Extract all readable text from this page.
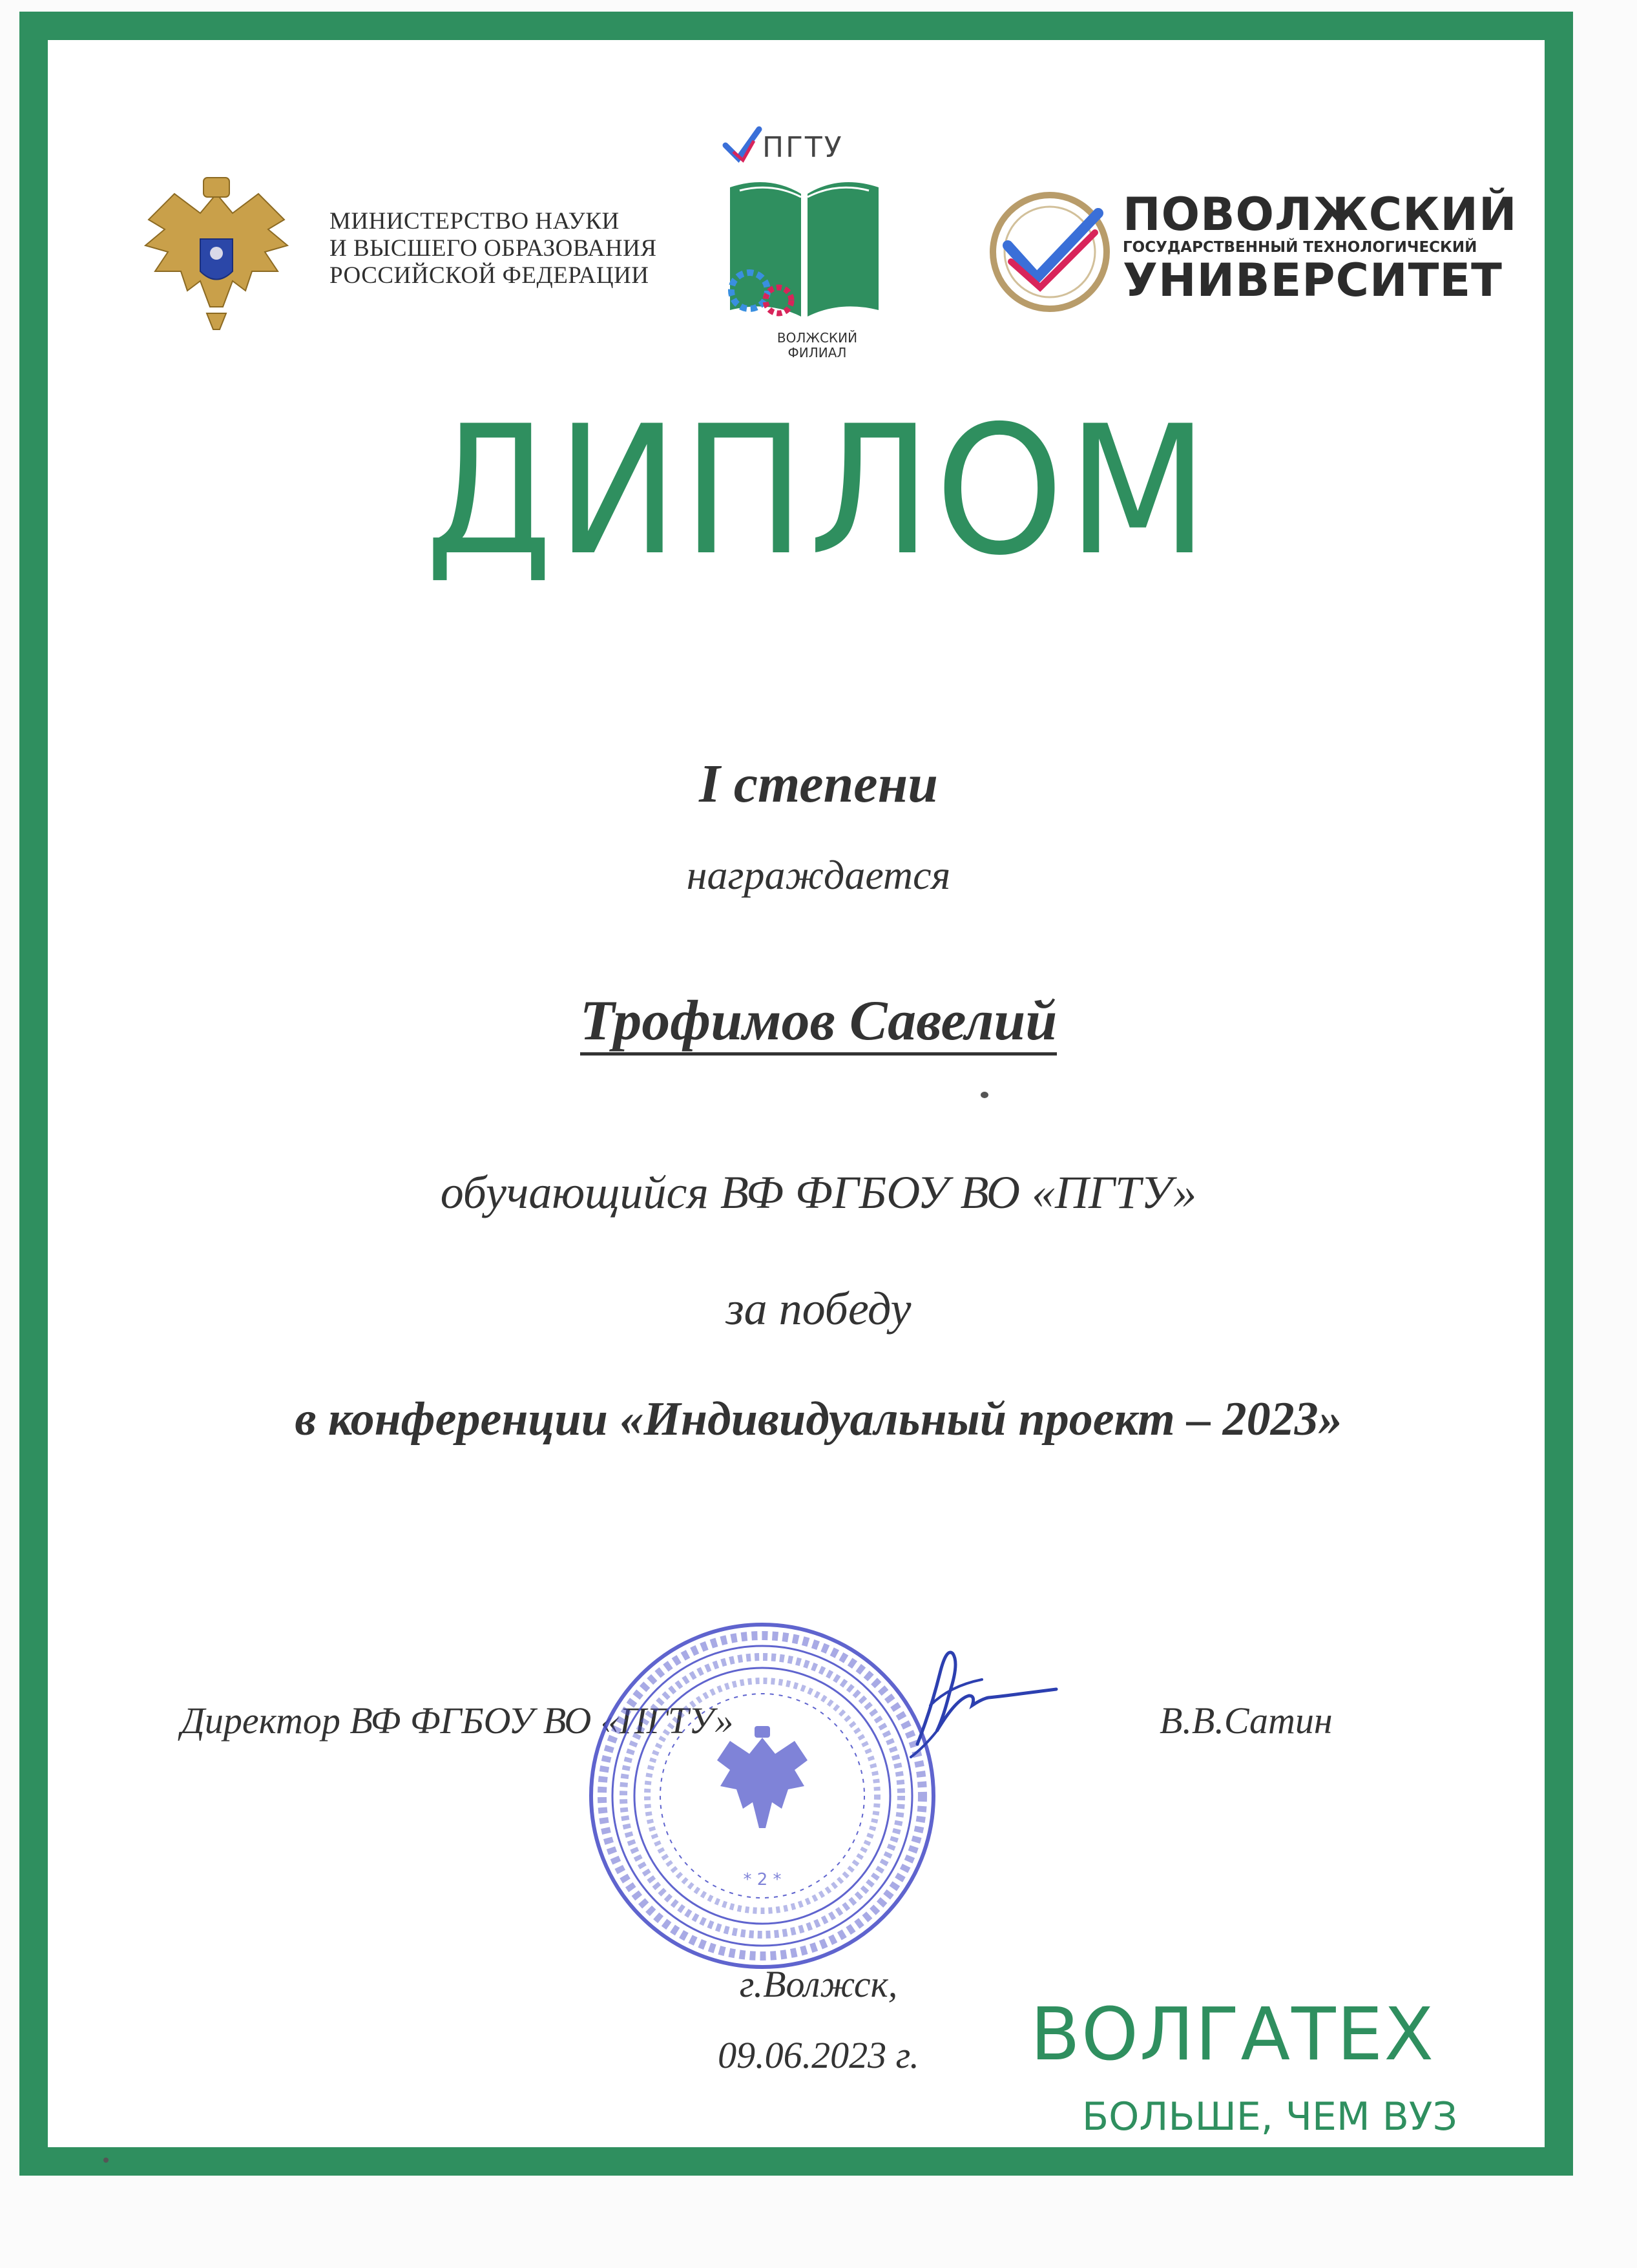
МИНИСТЕРСТВО НАУКИ
И ВЫСШЕГО ОБРАЗОВАНИЯ
РОССИЙСКОЙ ФЕДЕРАЦИИ
ПГТУ
ВОЛЖСКИЙ
ФИЛИАЛ
ПОВОЛЖСКИЙ
ГОСУДАРСТВЕННЫЙ ТЕХНОЛОГИЧЕСКИЙ
УНИВЕРСИТЕТ
ДИПЛОМ
I степени
награждается
Трофимов Савелий
обучающийся ВФ ФГБОУ ВО «ПГТУ»
за победу
в конференции «Индивидуальный проект – 2023»
Директор ВФ ФГБОУ ВО «ПГТУ»
* 2 *
В.В.Сатин
г.Волжск,
09.06.2023 г.	ВОЛГАТЕХ
БОЛЬШЕ, ЧЕМ ВУЗ
